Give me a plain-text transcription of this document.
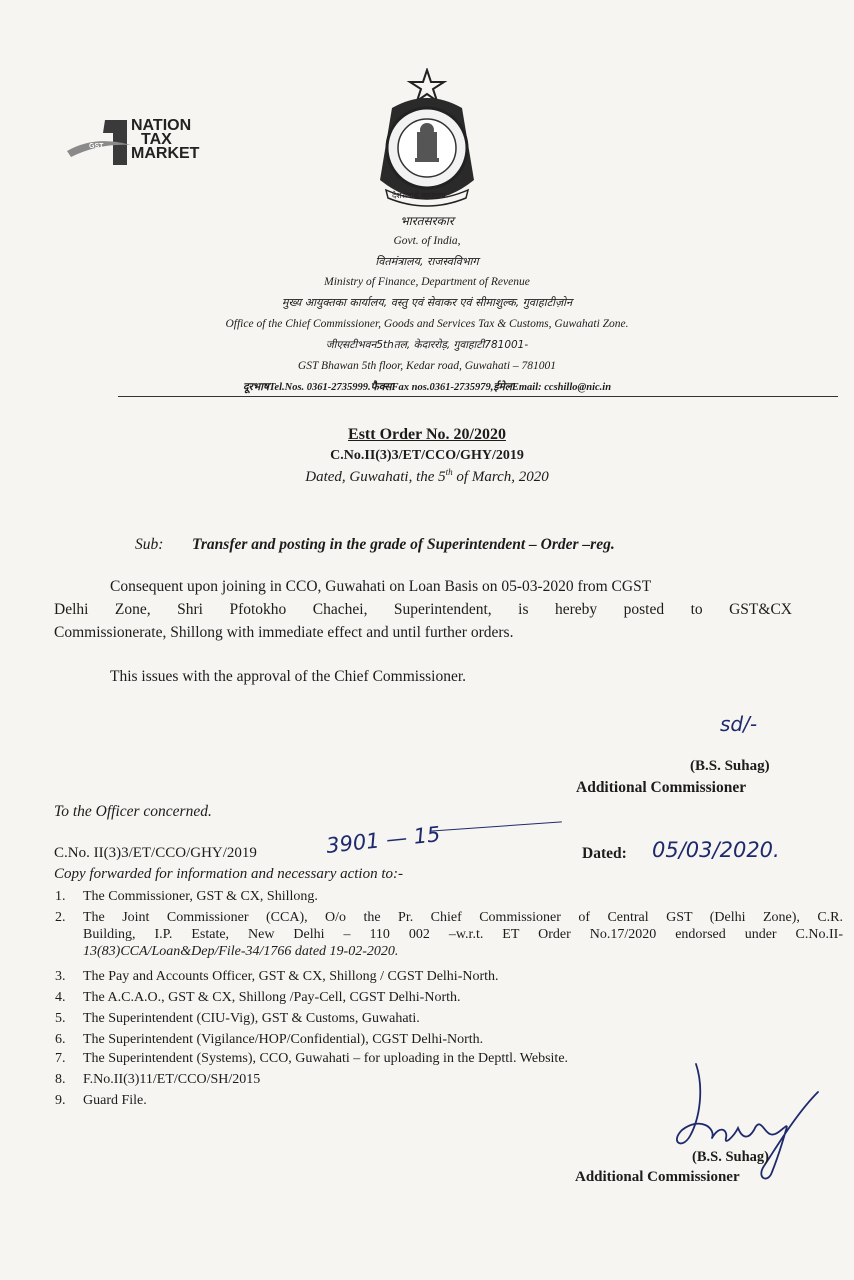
GST
NATION
TAX
MARKET
देशसेवार्थ करसंचय
भारतसरकार
Govt. of India,
वितमंत्रालय, राजस्वविभाग
Ministry of Finance, Department of Revenue
मुख्य आयुक्तका कार्यालय, वस्तु एवं सेवाकर एवं सीमाशुल्क, गुवाहाटीज़ोन
Office of the Chief Commissioner, Goods and Services Tax & Customs, Guwahati Zone.
जीएसटीभवन5thतल, केदाररोड़, गुवाहाटी781001-
GST Bhawan 5th floor, Kedar road, Guwahati – 781001
दूरभाषTel.Nos. 0361-2735999.फैक्सFax nos.0361-2735979,ईमेलEmail: ccshillo@nic.in
Estt Order No. 20/2020
C.No.II(3)3/ET/CCO/GHY/2019
Dated, Guwahati, the 5th of March, 2020
Sub: Transfer and posting in the grade of Superintendent – Order –reg.
Consequent upon joining in CCO, Guwahati on Loan Basis on 05-03-2020 from CGST
Delhi Zone, Shri Pfotokho Chachei, Superintendent, is hereby posted to GST&CX
Commissionerate, Shillong with immediate effect and until further orders.
This issues with the approval of the Chief Commissioner.
sd/-
(B.S. Suhag)
Additional Commissioner
To the Officer concerned.
C.No. II(3)3/ET/CCO/GHY/2019	3901 — 15	Dated: 05/03/2020.
Copy forwarded for information and necessary action to:-
1. The Commissioner, GST & CX, Shillong.
2. The Joint Commissioner (CCA), O/o the Pr. Chief Commissioner of Central GST (Delhi Zone), C.R.
Building, I.P. Estate, New Delhi – 110 002 –w.r.t. ET Order No.17/2020 endorsed under C.No.II-
13(83)CCA/Loan&Dep/File-34/1766 dated 19-02-2020.
3. The Pay and Accounts Officer, GST & CX, Shillong / CGST Delhi-North.
4. The A.C.A.O., GST & CX, Shillong /Pay-Cell, CGST Delhi-North.
5. The Superintendent (CIU-Vig), GST & Customs, Guwahati.
6. The Superintendent (Vigilance/HOP/Confidential), CGST Delhi-North.
7. The Superintendent (Systems), CCO, Guwahati – for uploading in the Depttl. Website.
8. F.No.II(3)11/ET/CCO/SH/2015
9. Guard File.
(B.S. Suhag)
Additional Commissioner
